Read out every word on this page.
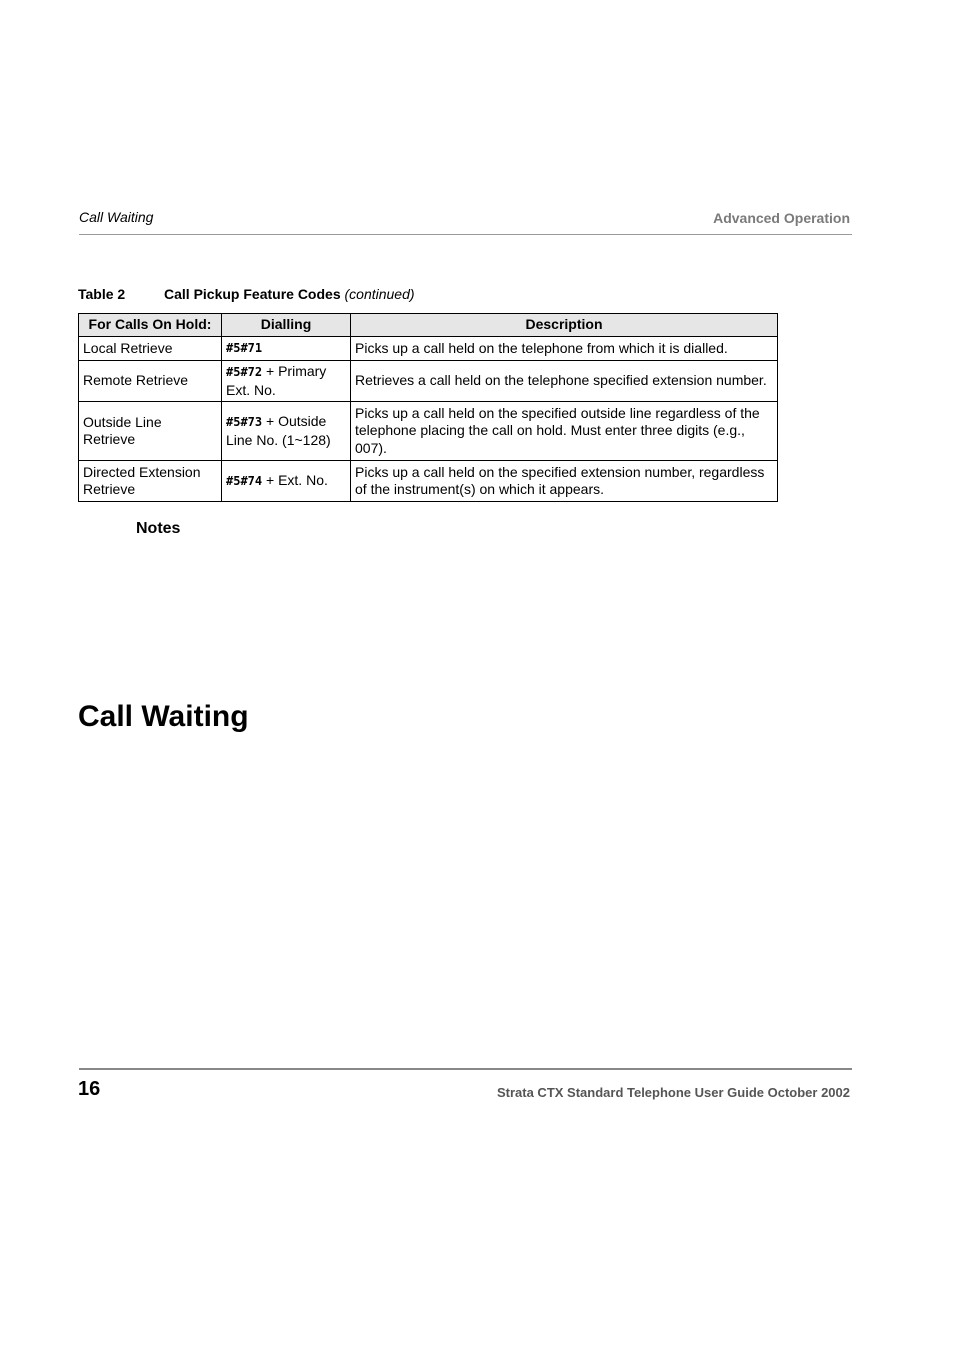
Call Waiting	Advanced Operation
Table 2	Call Pickup Feature Codes (continued)
For Calls On Hold:	Dialling	Description
Local Retrieve	#5#71	Picks up a call held on the telephone from which it is dialled.
Remote Retrieve	#5#72 + Primary Ext. No.	Retrieves a call held on the telephone specified extension number.
Outside Line Retrieve	#5#73 + Outside Line No. (1~128)	Picks up a call held on the specified outside line regardless of the telephone placing the call on hold. Must enter three digits (e.g., 007).
Directed Extension Retrieve	#5#74 + Ext. No.	Picks up a call held on the specified extension number, regardless of the instrument(s) on which it appears.
Notes
Call Waiting
16	Strata CTX Standard Telephone User Guide October 2002
